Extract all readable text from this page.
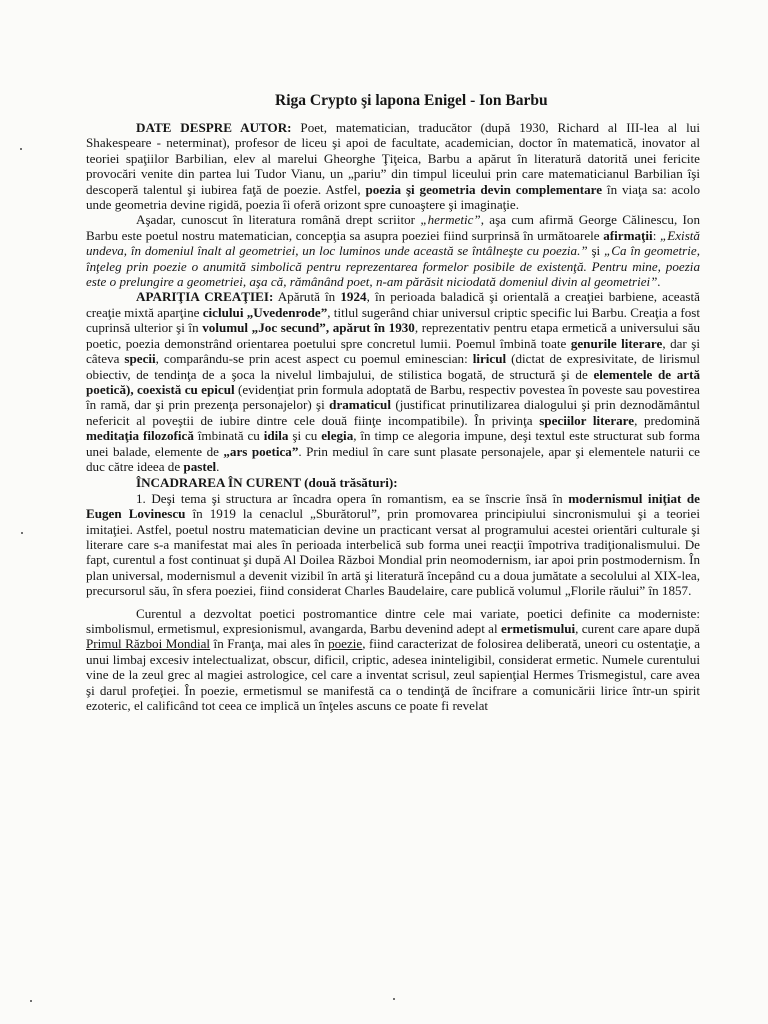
Riga Crypto şi lapona Enigel - Ion Barbu

DATE DESPRE AUTOR: Poet, matematician, traducător (după 1930, Richard al III-lea al lui Shakespeare - neterminat), profesor de liceu şi apoi de facultate, academician, doctor în matematică, inovator al teoriei spaţiilor Barbilian, elev al marelui Gheorghe Ţiţeica, Barbu a apărut în literatură datorită unei fericite provocări venite din partea lui Tudor Vianu, un „pariu” din timpul liceului prin care matematicianul Barbilian îşi descoperă talentul şi iubirea faţă de poezie. Astfel, poezia şi geometria devin complementare în viaţa sa: acolo unde geometria devine rigidă, poezia îi oferă orizont spre cunoaştere şi imaginaţie.

Aşadar, cunoscut în literatura română drept scriitor „hermetic”, aşa cum afirmă George Călinescu, Ion Barbu este poetul nostru matematician, concepţia sa asupra poeziei fiind surprinsă în următoarele afirmaţii: „Există undeva, în domeniul înalt al geometriei, un loc luminos unde această se întâlneşte cu poezia.” şi „Ca în geometrie, înţeleg prin poezie o anumită simbolică pentru reprezentarea formelor posibile de existenţă. Pentru mine, poezia este o prelungire a geometriei, aşa că, rămânând poet, n-am părăsit niciodată domeniul divin al geometriei”.

APARIŢIA CREAŢIEI: Apărută în 1924, în perioada baladică şi orientală a creaţiei barbiene, această creaţie mixtă aparţine ciclului „Uvedenrode”, titlul sugerând chiar universul criptic specific lui Barbu. Creaţia a fost cuprinsă ulterior şi în volumul „Joc secund”, apărut în 1930, reprezentativ pentru etapa ermetică a universului său poetic, poezia demonstrând orientarea poetului spre concretul lumii. Poemul îmbină toate genurile literare, dar şi câteva specii, comparându-se prin acest aspect cu poemul eminescian: liricul (dictat de expresivitate, de lirismul obiectiv, de tendinţa de a şoca la nivelul limbajului, de stilistica bogată, de structură şi de elementele de artă poetică), coexistă cu epicul (evidenţiat prin formula adoptată de Barbu, respectiv povestea în poveste sau povestirea în ramă, dar şi prin prezenţa personajelor) şi dramaticul (justificat prinutilizarea dialogului şi prin deznodământul nefericit al poveştii de iubire dintre cele două fiinţe incompatibile). În privinţa speciilor literare, predomină meditaţia filozofică îmbinată cu idila şi cu elegia, în timp ce alegoria impune, deşi textul este structurat sub forma unei balade, elemente de „ars poetica”. Prin mediul în care sunt plasate personajele, apar şi elementele naturii ce duc către ideea de pastel.

ÎNCADRAREA ÎN CURENT (două trăsături):

1. Deşi tema şi structura ar încadra opera în romantism, ea se înscrie însă în modernismul iniţiat de Eugen Lovinescu în 1919 la cenaclul „Sburătorul”, prin promovarea principiului sincronismului şi a teoriei imitaţiei. Astfel, poetul nostru matematician devine un practicant versat al programului acestei orientări culturale şi literare care s-a manifestat mai ales în perioada interbelică sub forma unei reacţii împotriva tradiţionalismului. De fapt, curentul a fost continuat şi după Al Doilea Război Mondial prin neomodernism, iar apoi prin postmodernism. În plan universal, modernismul a devenit vizibil în artă şi literatură începând cu a doua jumătate a secolului al XIX-lea, precursorul său, în sfera poeziei, fiind considerat Charles Baudelaire, care publică volumul „Florile răului” în 1857.

Curentul a dezvoltat poetici postromantice dintre cele mai variate, poetici definite ca moderniste: simbolismul, ermetismul, expresionismul, avangarda, Barbu devenind adept al ermetismului, curent care apare după Primul Război Mondial în Franţa, mai ales în poezie, fiind caracterizat de folosirea deliberată, uneori cu ostentaţie, a unui limbaj excesiv intelectualizat, obscur, dificil, criptic, adesea ininteligibil, considerat ermetic. Numele curentului vine de la zeul grec al magiei astrologice, cel care a inventat scrisul, zeul sapienţial Hermes Trismegistul, care avea şi darul profeţiei. În poezie, ermetismul se manifestă ca o tendinţă de încifrare a comunicării lirice într-un spirit ezoteric, el calificând tot ceea ce implică un înţeles ascuns ce poate fi revelat
